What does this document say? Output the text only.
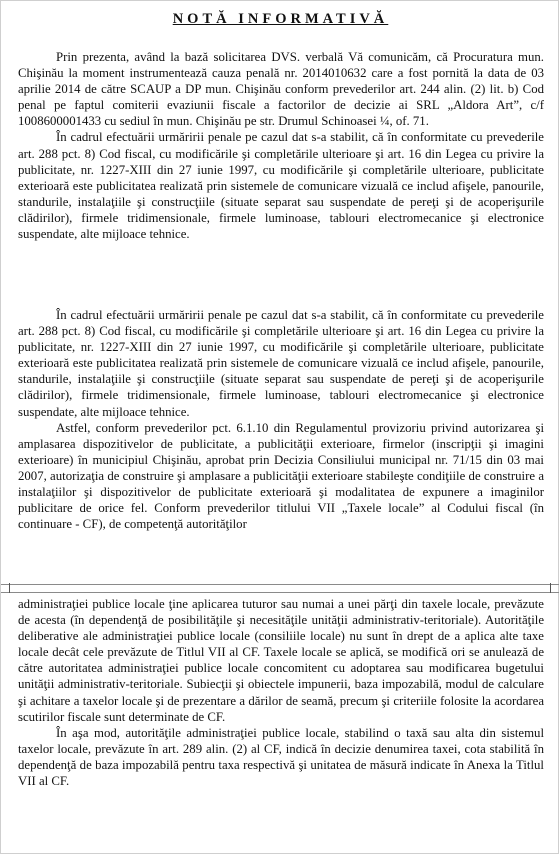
NOTĂ INFORMATIVĂ

Prin prezenta, având la bază solicitarea DVS. verbală Vă comunicăm, că Procuratura mun. Chişinău la moment instrumentează cauza penală nr. 2014010632 care a fost pornită la data de 03 aprilie 2014 de către SCAUP a DP mun. Chişinău conform prevederilor art. 244 alin. (2) lit. b) Cod penal pe faptul comiterii evaziunii fiscale a factorilor de decizie ai SRL „Aldora Art”, c/f 1008600001433 cu sediul în mun. Chişinău pe str. Drumul Schinoasei ¼, of. 71.

În cadrul efectuării urmăririi penale pe cazul dat s-a stabilit, că în conformitate cu prevederile art. 288 pct. 8) Cod fiscal, cu modificările şi completările ulterioare şi art. 16 din Legea cu privire la publicitate, nr. 1227-XIII din 27 iunie 1997, cu modificările şi completările ulterioare, publicitate exterioară este publicitatea realizată prin sistemele de comunicare vizuală ce includ afişele, panourile, standurile, instalaţiile şi construcţiile (situate separat sau suspendate de pereţi şi de acoperişurile clădirilor), firmele tridimensionale, firmele luminoase, tablouri electromecanice şi electronice suspendate, alte mijloace tehnice.

În cadrul efectuării urmăririi penale pe cazul dat s-a stabilit, că în conformitate cu prevederile art. 288 pct. 8) Cod fiscal, cu modificările şi completările ulterioare şi art. 16 din Legea cu privire la publicitate, nr. 1227-XIII din 27 iunie 1997, cu modificările şi completările ulterioare, publicitate exterioară este publicitatea realizată prin sistemele de comunicare vizuală ce includ afişele, panourile, standurile, instalaţiile şi construcţiile (situate separat sau suspendate de pereţi şi de acoperişurile clădirilor), firmele tridimensionale, firmele luminoase, tablouri electromecanice şi electronice suspendate, alte mijloace tehnice.

Astfel, conform prevederilor pct. 6.1.10 din Regulamentul provizoriu privind autorizarea şi amplasarea dispozitivelor de publicitate, a publicităţii exterioare, firmelor (inscripţii şi imagini exterioare) în municipiul Chişinău, aprobat prin Decizia Consiliului municipal nr. 71/15 din 03 mai 2007, autorizaţia de construire şi amplasare a publicităţii exterioare stabileşte condiţiile de construire a instalaţiilor şi dispozitivelor de publicitate exterioară şi modalitatea de expunere a imaginilor publicitare de orice fel. Conform prevederilor titlului VII „Taxele locale” al Codului fiscal (în continuare - CF), de competenţă autorităţilor

administraţiei publice locale ţine aplicarea tuturor sau numai a unei părţi din taxele locale, prevăzute de acesta (în dependenţă de posibilităţile şi necesităţile unităţii administrativ-teritoriale). Autorităţile deliberative ale administraţiei publice locale (consiliile locale) nu sunt în drept de a aplica alte taxe locale decât cele prevăzute de Titlul VII al CF. Taxele locale se aplică, se modifică ori se anulează de către autoritatea administraţiei publice locale concomitent cu adoptarea sau modificarea bugetului unităţii administrativ-teritoriale. Subiecţii şi obiectele impunerii, baza impozabilă, modul de calculare şi achitare a taxelor locale şi de prezentare a dărilor de seamă, precum şi criteriile folosite la acordarea scutirilor fiscale sunt determinate de CF.

În aşa mod, autorităţile administraţiei publice locale, stabilind o taxă sau alta din sistemul taxelor locale, prevăzute în art. 289 alin. (2) al CF, indică în decizie denumirea taxei, cota stabilită în dependenţă de baza impozabilă pentru taxa respectivă şi unitatea de măsură indicate în Anexa la Titlul VII al CF.
